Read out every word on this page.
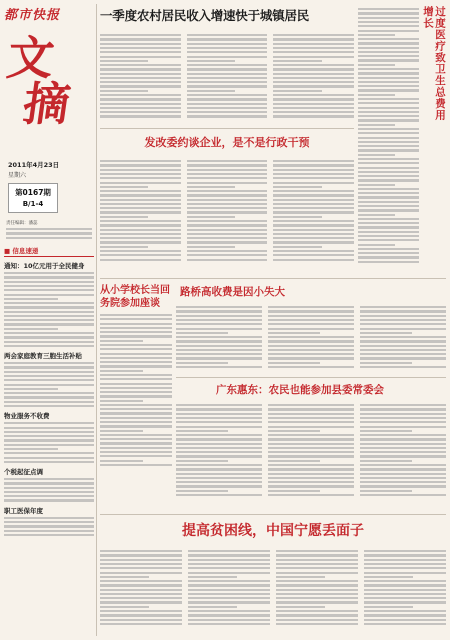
都市快报
文
摘
2011年4月23日
星期六
第0167期
B/1-4
责任编辑：潘蕊
■ 信息速递
通知：10亿元用于全民健身
两会家庭教育三胞生活补贴
物业服务不收费
个税起征点调
职工医保年度
一季度农村居民收入增速快于城镇居民	过度医疗致卫生总费用增长
发改委约谈企业，是不是行政干预
从小学校长当回务院参加座谈
路桥高收费是因小失大
广东惠东：农民也能参加县委常委会
提高贫困线，中国宁愿丢面子
